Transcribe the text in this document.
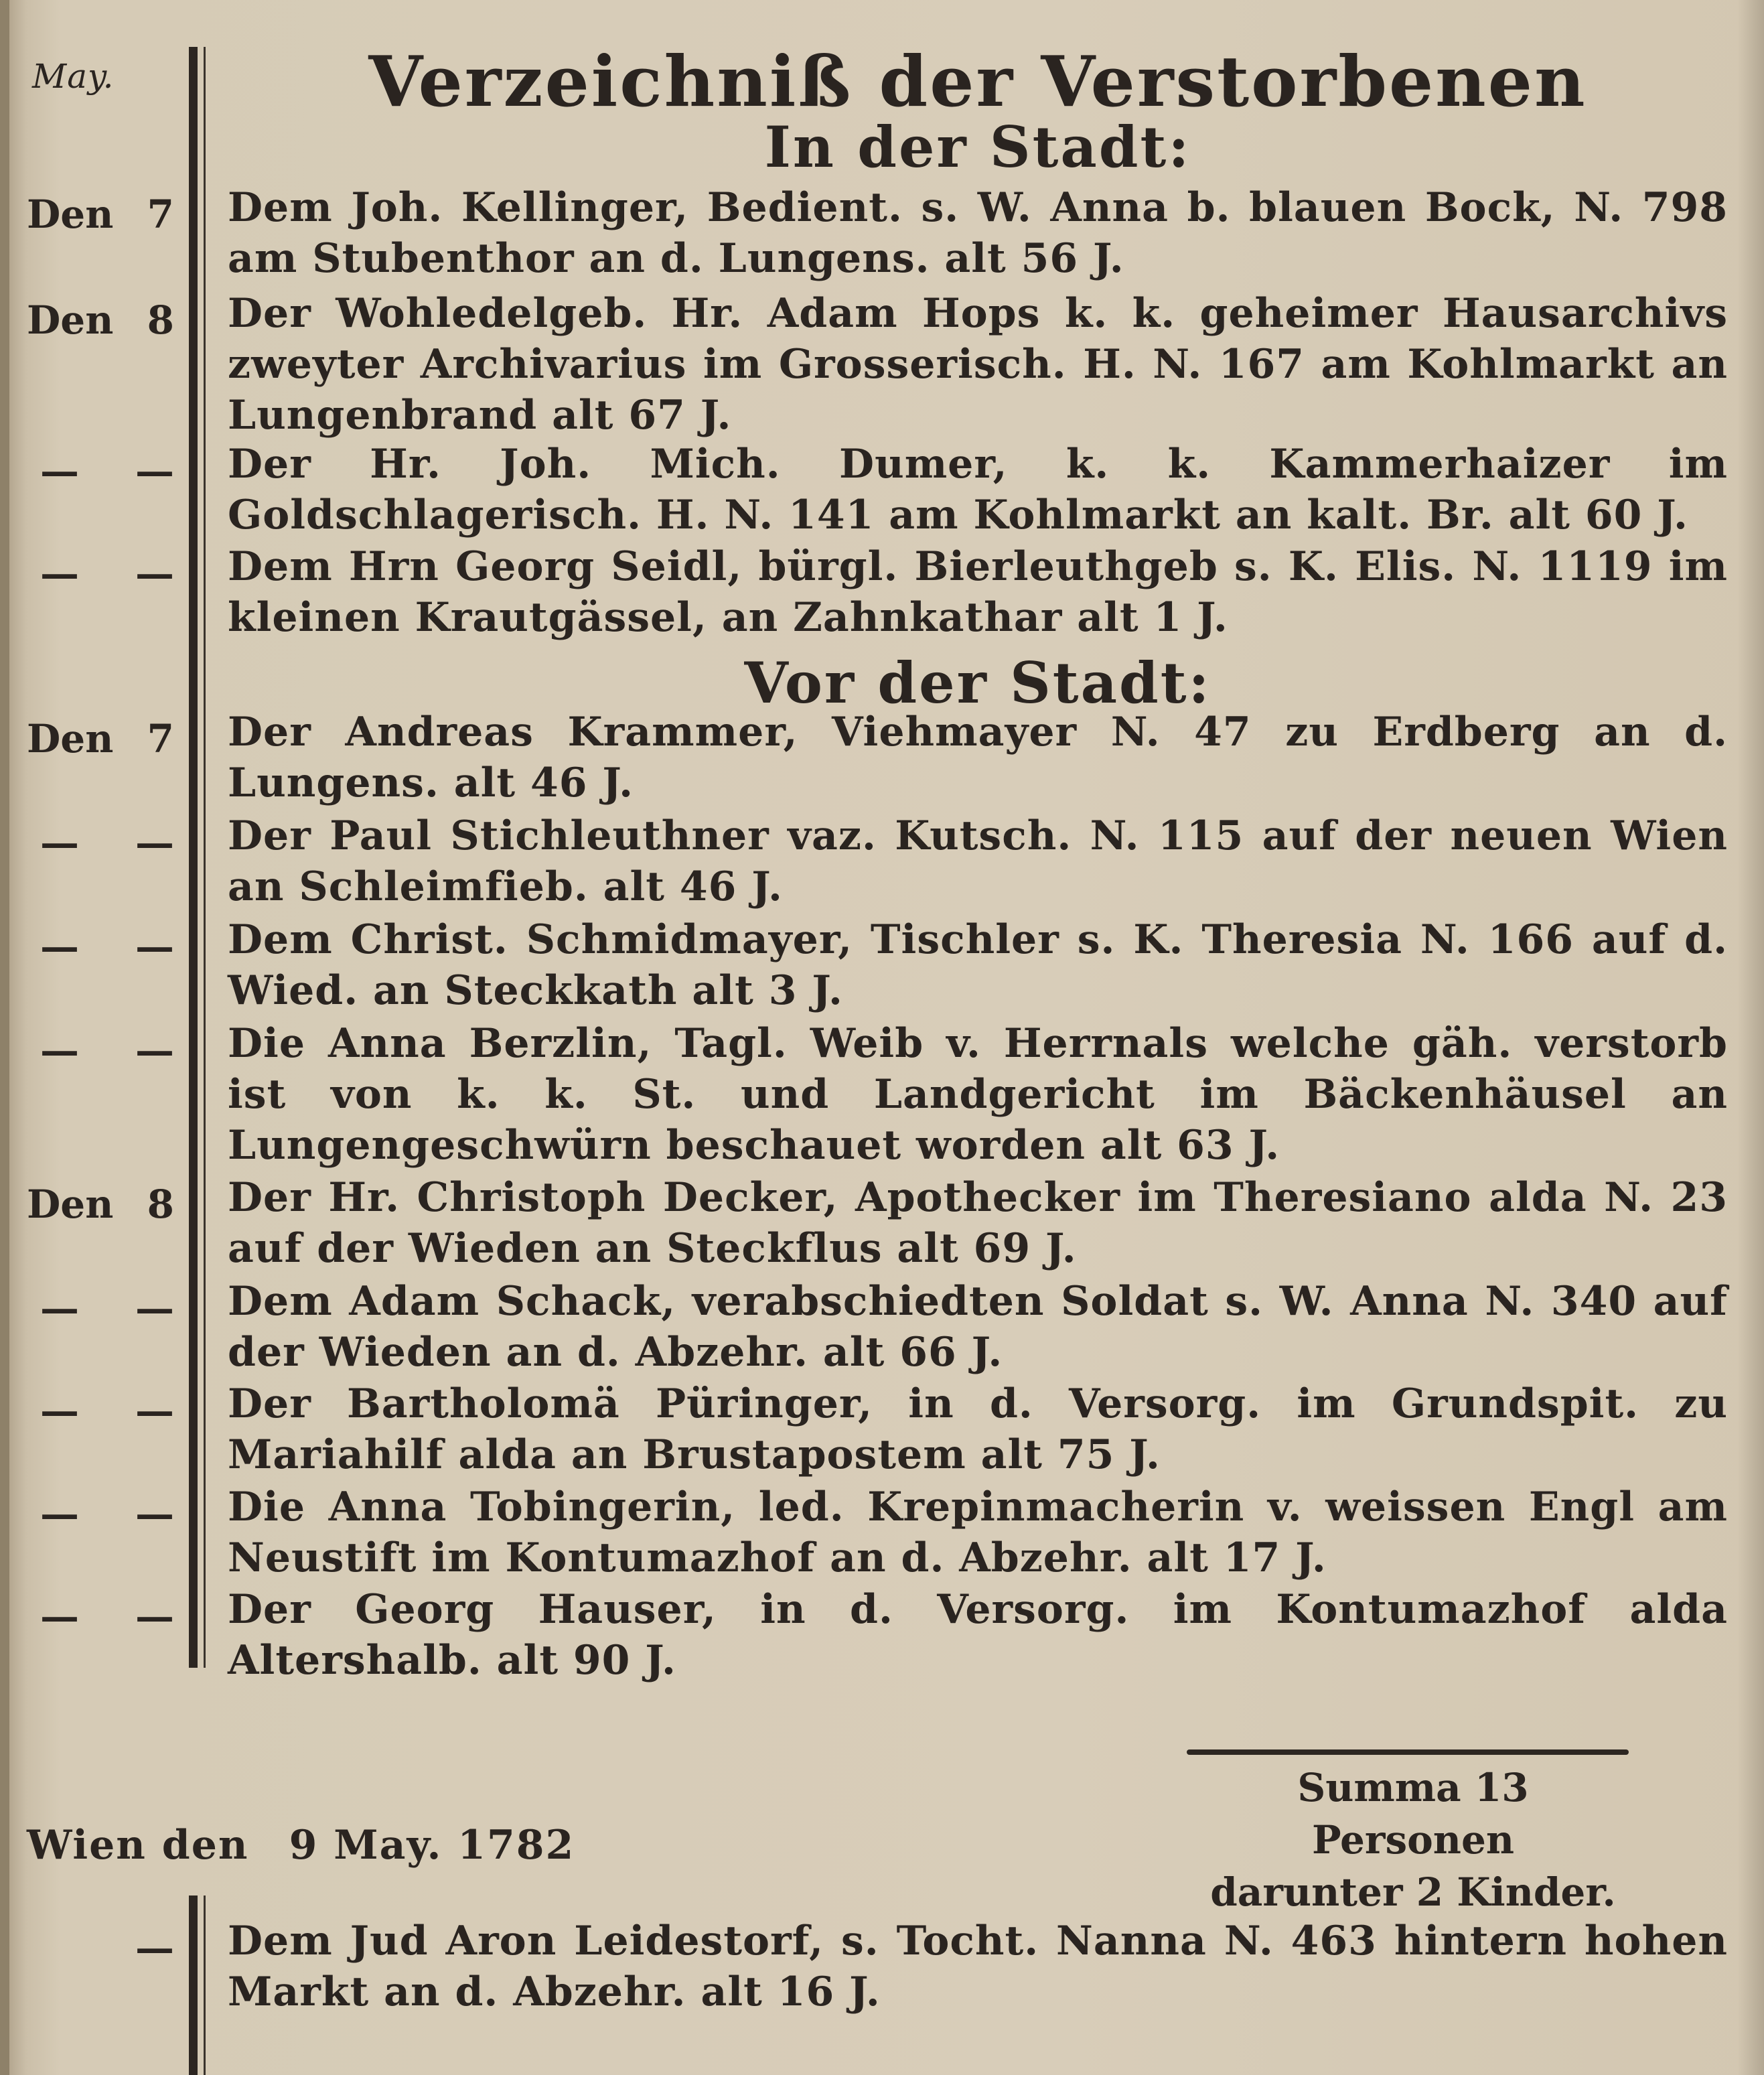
May.	Verzeichniß der Verstorbenen
In der Stadt:
Vor der Stadt:
Den 7 Dem Joh. Kellinger, Bedient. s. W. Anna b. blauen Bock, N. 798 am Stubenthor an d. Lungens. alt 56 J.
Den 8 Der Wohledelgeb. Hr. Adam Hops k. k. geheimer Hausarchivs zweyter Archivarius im Grosserisch. H. N. 167 am Kohlmarkt an Lungenbrand alt 67 J.
— — Der Hr. Joh. Mich. Dumer, k. k. Kammerhaizer im Goldschlagerisch. H. N. 141 am Kohlmarkt an kalt. Br. alt 60 J.
— — Dem Hrn Georg Seidl, bürgl. Bierleuthgeb s. K. Elis. N. 1119 im kleinen Krautgässel, an Zahnkathar alt 1 J.
Den 7 Der Andreas Krammer, Viehmayer N. 47 zu Erdberg an d. Lungens. alt 46 J.
— — Der Paul Stichleuthner vaz. Kutsch. N. 115 auf der neuen Wien an Schleimfieb. alt 46 J.
— — Dem Christ. Schmidmayer, Tischler s. K. Theresia N. 166 auf d. Wied. an Steckkath alt 3 J.
— — Die Anna Berzlin, Tagl. Weib v. Herrnals welche gäh. verstorb ist von k. k. St. und Landgericht im Bäckenhäusel an Lungengeschwürn beschauet worden alt 63 J.
Den 8 Der Hr. Christoph Decker, Apothecker im Theresiano alda N. 23 auf der Wieden an Steckflus alt 69 J.
— — Dem Adam Schack, verabschiedten Soldat s. W. Anna N. 340 auf der Wieden an d. Abzehr. alt 66 J.
— — Der Bartholomä Püringer, in d. Versorg. im Grundspit. zu Mariahilf alda an Brustapostem alt 75 J.
— — Die Anna Tobingerin, led. Krepinmacherin v. weissen Engl am Neustift im Kontumazhof an d. Abzehr. alt 17 J.
— — Der Georg Hauser, in d. Versorg. im Kontumazhof alda Altershalb. alt 90 J.
Summa 13 Personen
darunter 2 Kinder.
Wien den 9 May. 1782
— Dem Jud Aron Leidestorf, s. Tocht. Nanna N. 463 hintern hohen Markt an d. Abzehr. alt 16 J.
